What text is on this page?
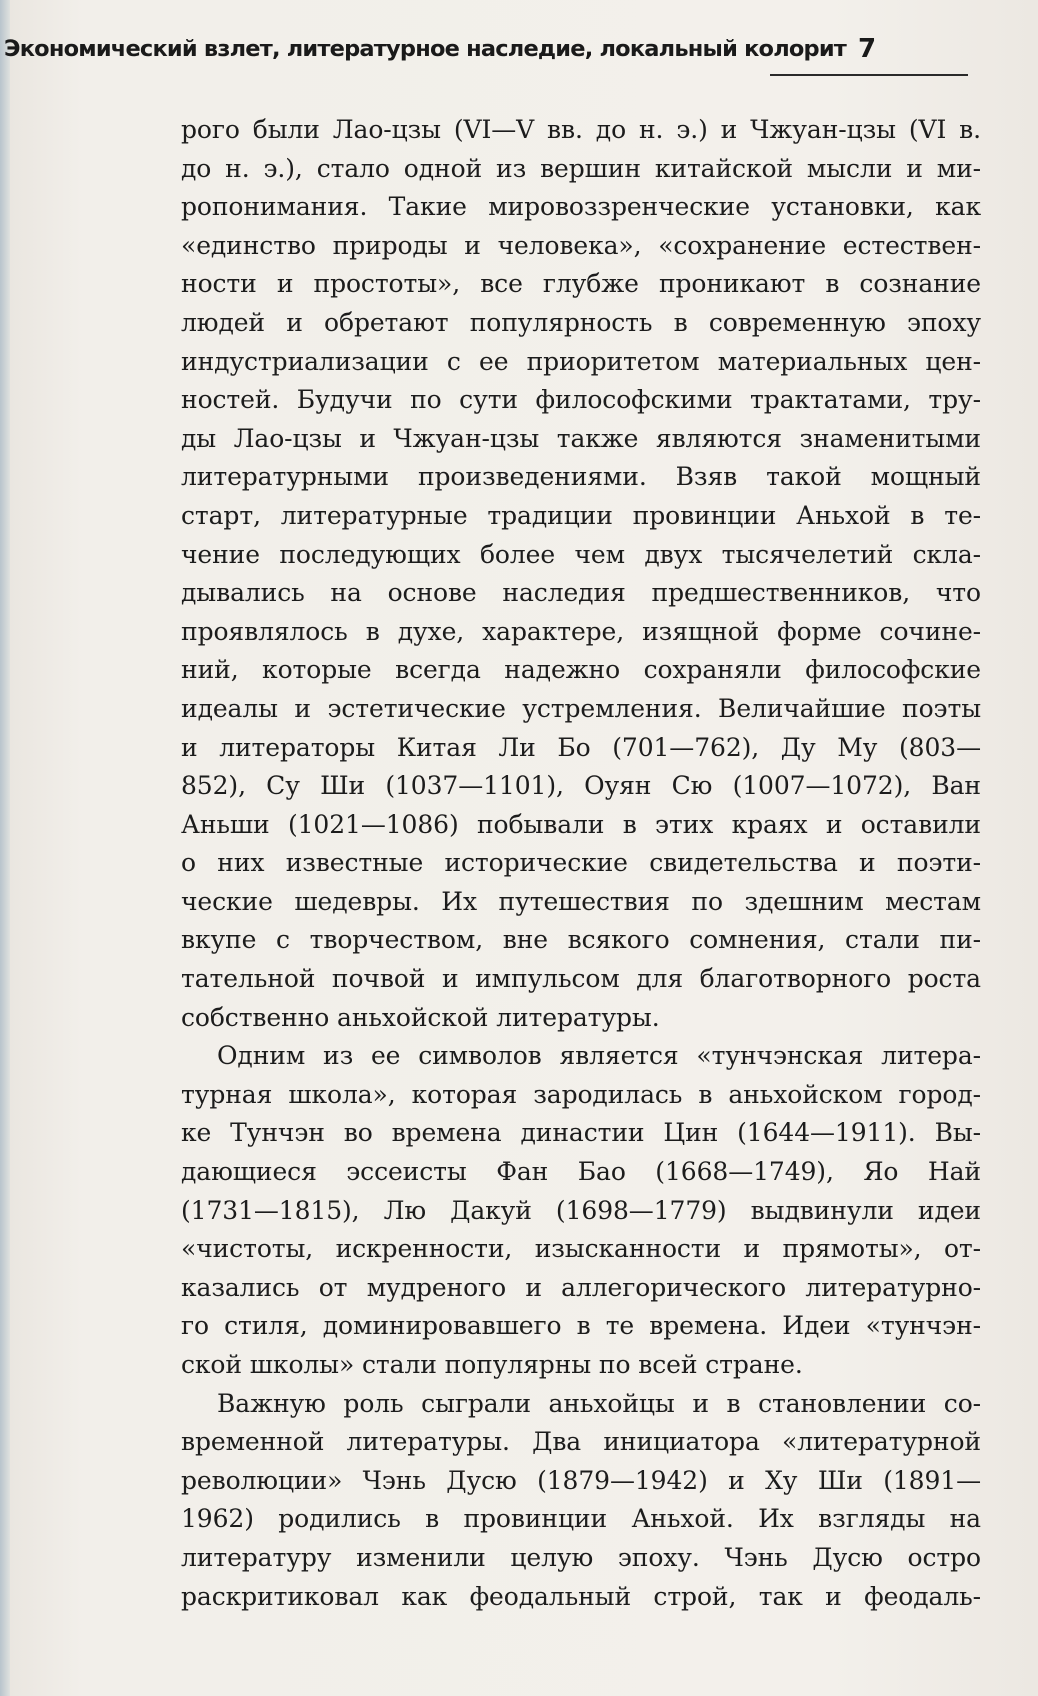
Экономический взлет, литературное наследие, локальный колорит 7
рого были Лао-цзы (VI—V вв. до н. э.) и Чжуан-цзы (VI в.
до н. э.), стало одной из вершин китайской мысли и ми-
ропонимания. Такие мировоззренческие установки, как
«единство природы и человека», «сохранение естествен-
ности и простоты», все глубже проникают в сознание
людей и обретают популярность в современную эпоху
индустриализации с ее приоритетом материальных цен-
ностей. Будучи по сути философскими трактатами, тру-
ды Лао-цзы и Чжуан-цзы также являются знаменитыми
литературными произведениями. Взяв такой мощный
старт, литературные традиции провинции Аньхой в те-
чение последующих более чем двух тысячелетий скла-
дывались на основе наследия предшественников, что
проявлялось в духе, характере, изящной форме сочине-
ний, которые всегда надежно сохраняли философские
идеалы и эстетические устремления. Величайшие поэты
и литераторы Китая Ли Бо (701—762), Ду Му (803—
852), Су Ши (1037—1101), Оуян Сю (1007—1072), Ван
Аньши (1021—1086) побывали в этих краях и оставили
о них известные исторические свидетельства и поэти-
ческие шедевры. Их путешествия по здешним местам
вкупе с творчеством, вне всякого сомнения, стали пи-
тательной почвой и импульсом для благотворного роста
собственно аньхойской литературы.
Одним из ее символов является «тунчэнская литера-
турная школа», которая зародилась в аньхойском город-
ке Тунчэн во времена династии Цин (1644—1911). Вы-
дающиеся эссеисты Фан Бао (1668—1749), Яо Най
(1731—1815), Лю Дакуй (1698—1779) выдвинули идеи
«чистоты, искренности, изысканности и прямоты», от-
казались от мудреного и аллегорического литературно-
го стиля, доминировавшего в те времена. Идеи «тунчэн-
ской школы» стали популярны по всей стране.
Важную роль сыграли аньхойцы и в становлении со-
временной литературы. Два инициатора «литературной
революции» Чэнь Дусю (1879—1942) и Ху Ши (1891—
1962) родились в провинции Аньхой. Их взгляды на
литературу изменили целую эпоху. Чэнь Дусю остро
раскритиковал как феодальный строй, так и феодаль-
